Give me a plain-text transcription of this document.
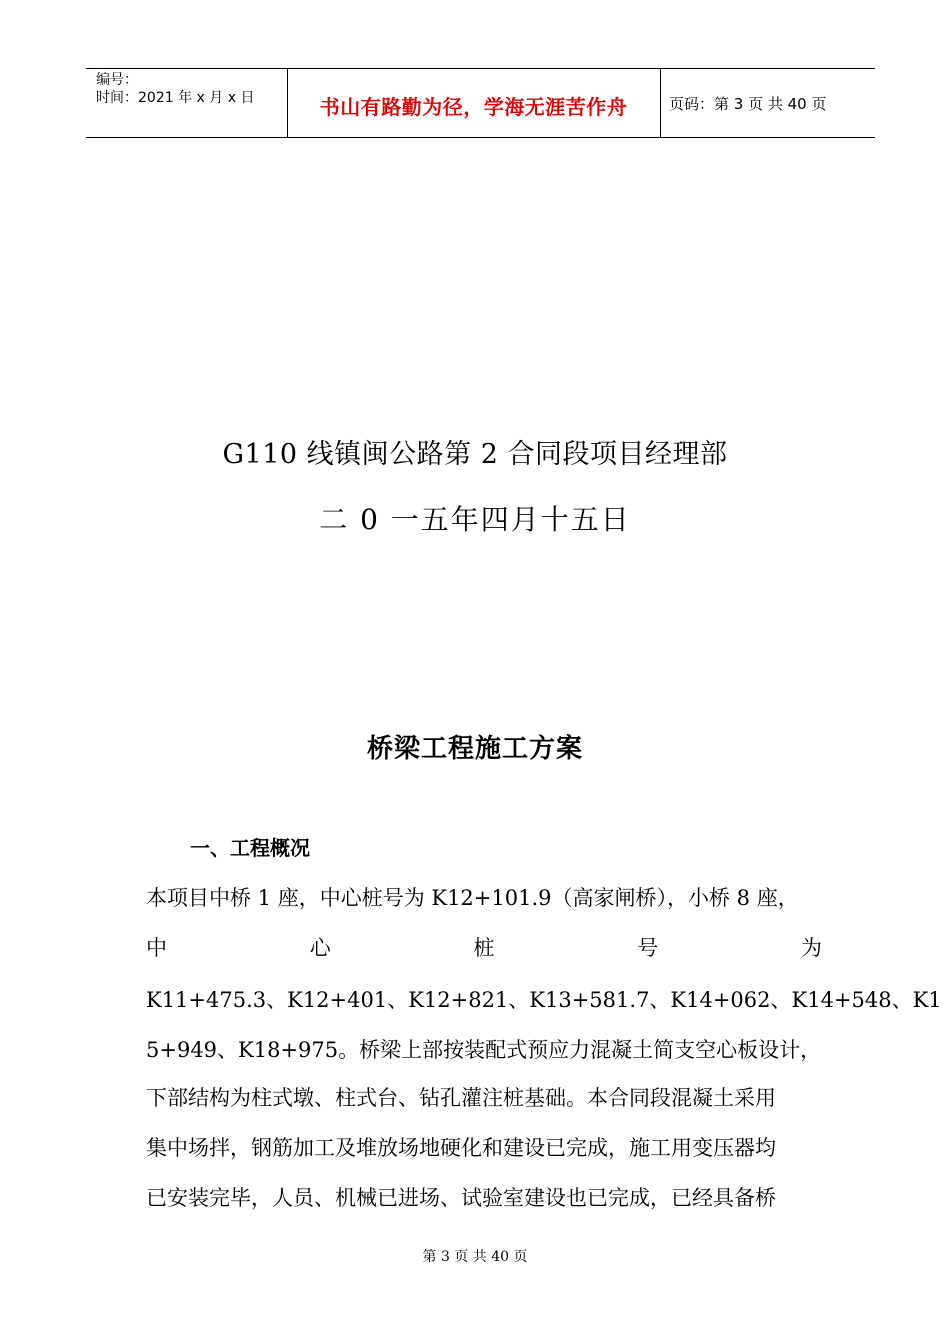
编号：
时间：2021 年 x 月 x 日	书山有路勤为径，学海无涯苦作舟	页码：第 3 页 共 40 页
G110 线镇闽公路第 2 合同段项目经理部
二 0 一五年四月十五日
桥梁工程施工方案
一、工程概况
本项目中桥 1 座，中心桩号为 K12+101.9（高家闸桥），小桥 8 座，
中	心	桩	号	为
K11+475.3、K12+401、K12+821、K13+581.7、K14+062、K14+548、K1
5+949、K18+975。桥梁上部按装配式预应力混凝土简支空心板设计，
下部结构为柱式墩、柱式台、钻孔灌注桩基础。本合同段混凝土采用
集中场拌，钢筋加工及堆放场地硬化和建设已完成，施工用变压器均
已安装完毕，人员、机械已进场、试验室建设也已完成，已经具备桥
第 3 页 共 40 页
